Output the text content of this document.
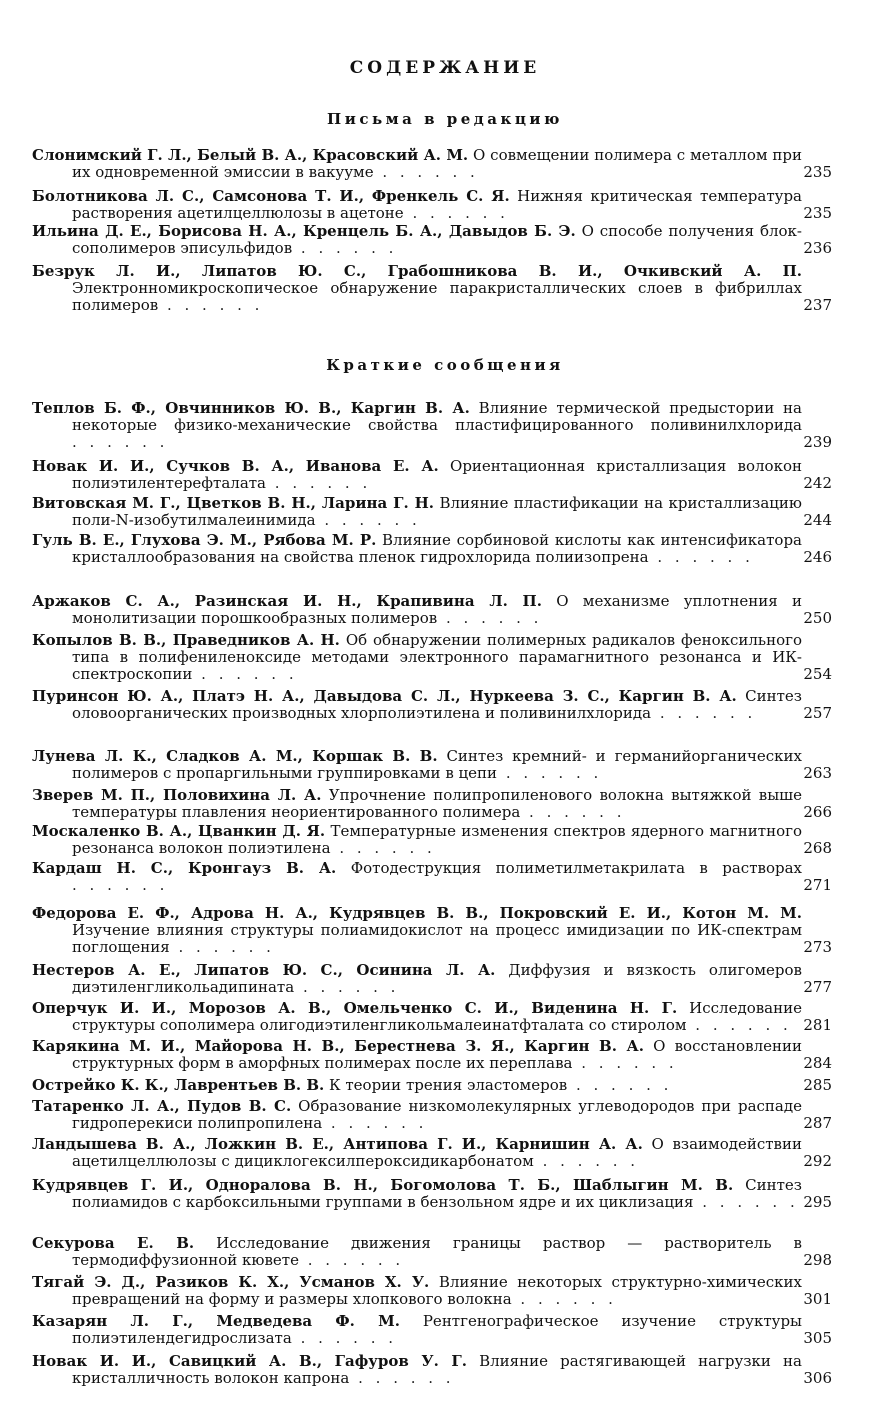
СОДЕРЖАНИЕ
Письма в редакцию
Слонимский Г. Л., Белый В. А., Красовский А. М. О совмещении полимера с металлом при их одновременной эмиссии в вакууме . . . . . .	235
Болотникова Л. С., Самсонова Т. И., Френкель С. Я. Нижняя критическая температура растворения ацетилцеллюлозы в ацетоне . . . . . .	235
Ильина Д. Е., Борисова Н. А., Кренцель Б. А., Давыдов Б. Э. О способе получения блок-сополимеров эписульфидов . . . . . .	236
Безрук Л. И., Липатов Ю. С., Грабошникова В. И., Очкивский А. П. Электронномикроскопическое обнаружение паракристаллических слоев в фибриллах полимеров . . . . . .	237
Краткие сообщения
Теплов Б. Ф., Овчинников Ю. В., Каргин В. А. Влияние термической предыстории на некоторые физико-механические свойства пластифицированного поливинилхлорида . . . . . .	239
Новак И. И., Сучков В. А., Иванова Е. А. Ориентационная кристаллизация волокон полиэтилентерефталата . . . . . .	242
Витовская М. Г., Цветков В. Н., Ларина Г. Н. Влияние пластификации на кристаллизацию поли-N-изобутилмалеинимида . . . . . .	244
Гуль В. Е., Глухова Э. М., Рябова М. Р. Влияние сорбиновой кислоты как интенсификатора кристаллообразования на свойства пленок гидрохлорида полиизопрена . . . . . .	246
Аржаков С. А., Разинская И. Н., Крапивина Л. П. О механизме уплотнения и монолитизации порошкообразных полимеров . . . . . .	250
Копылов В. В., Праведников А. Н. Об обнаружении полимерных радикалов феноксильного типа в полифениленоксиде методами электронного парамагнитного резонанса и ИК-спектроскопии . . . . . .	254
Пуринсон Ю. А., Платэ Н. А., Давыдова С. Л., Нуркеева З. С., Каргин В. А. Синтез оловоорганических производных хлорполиэтилена и поливинилхлорида . . . . . .	257
Лунева Л. К., Сладков А. М., Коршак В. В. Синтез кремний- и германийорганических полимеров с пропаргильными группировками в цепи . . . . . .	263
Зверев М. П., Половихина Л. А. Упрочнение полипропиленового волокна вытяжкой выше температуры плавления неориентированного полимера . . . . . .	266
Москаленко В. А., Цванкин Д. Я. Температурные изменения спектров ядерного магнитного резонанса волокон полиэтилена . . . . . .	268
Кардаш Н. С., Кронгауз В. А. Фотодеструкция полиметилметакрилата в растворах . . . . . .	271
Федорова Е. Ф., Адрова Н. А., Кудрявцев В. В., Покровский Е. И., Котон М. М. Изучение влияния структуры полиамидокислот на процесс имидизации по ИК-спектрам поглощения . . . . . .	273
Нестеров А. Е., Липатов Ю. С., Осинина Л. А. Диффузия и вязкость олигомеров диэтиленгликольадипината . . . . . .	277
Оперчук И. И., Морозов А. В., Омельченко С. И., Виденина Н. Г. Исследование структуры сополимера олигодиэтиленгликольмалеинатфталата со стиролом . . . . . . 281
Карякина М. И., Майорова Н. В., Берестнева З. Я., Каргин В. А. О восстановлении структурных форм в аморфных полимерах после их переплава . . . . . .	284
Острейко К. К., Лаврентьев В. В. К теории трения эластомеров . . . . . .	285
Татаренко Л. А., Пудов В. С. Образование низкомолекулярных углеводородов при распаде гидроперекиси полипропилена . . . . . .	287
Ландышева В. А., Ложкин В. Е., Антипова Г. И., Карнишин А. А. О взаимодействии ацетилцеллюлозы с дициклогексилпероксидикарбонатом . . . . . .	292
Кудрявцев Г. И., Одноралова В. Н., Богомолова Т. Б., Шаблыгин М. В. Синтез полиамидов с карбоксильными группами в бензольном ядре и их циклизация . . . . . . 295
Секурова Е. В. Исследование движения границы раствор — растворитель в термодиффузионной кювете . . . . . .	298
Тягай Э. Д., Разиков К. Х., Усманов Х. У. Влияние некоторых структурно-химических превращений на форму и размеры хлопкового волокна . . . . . .	301
Казарян Л. Г., Медведева Ф. М. Рентгенографическое изучение структуры полиэтилендегидрослизата . . . . . .	305
Новак И. И., Савицкий А. В., Гафуров У. Г. Влияние растягивающей нагрузки на кристалличность волокон капрона . . . . . .	306
